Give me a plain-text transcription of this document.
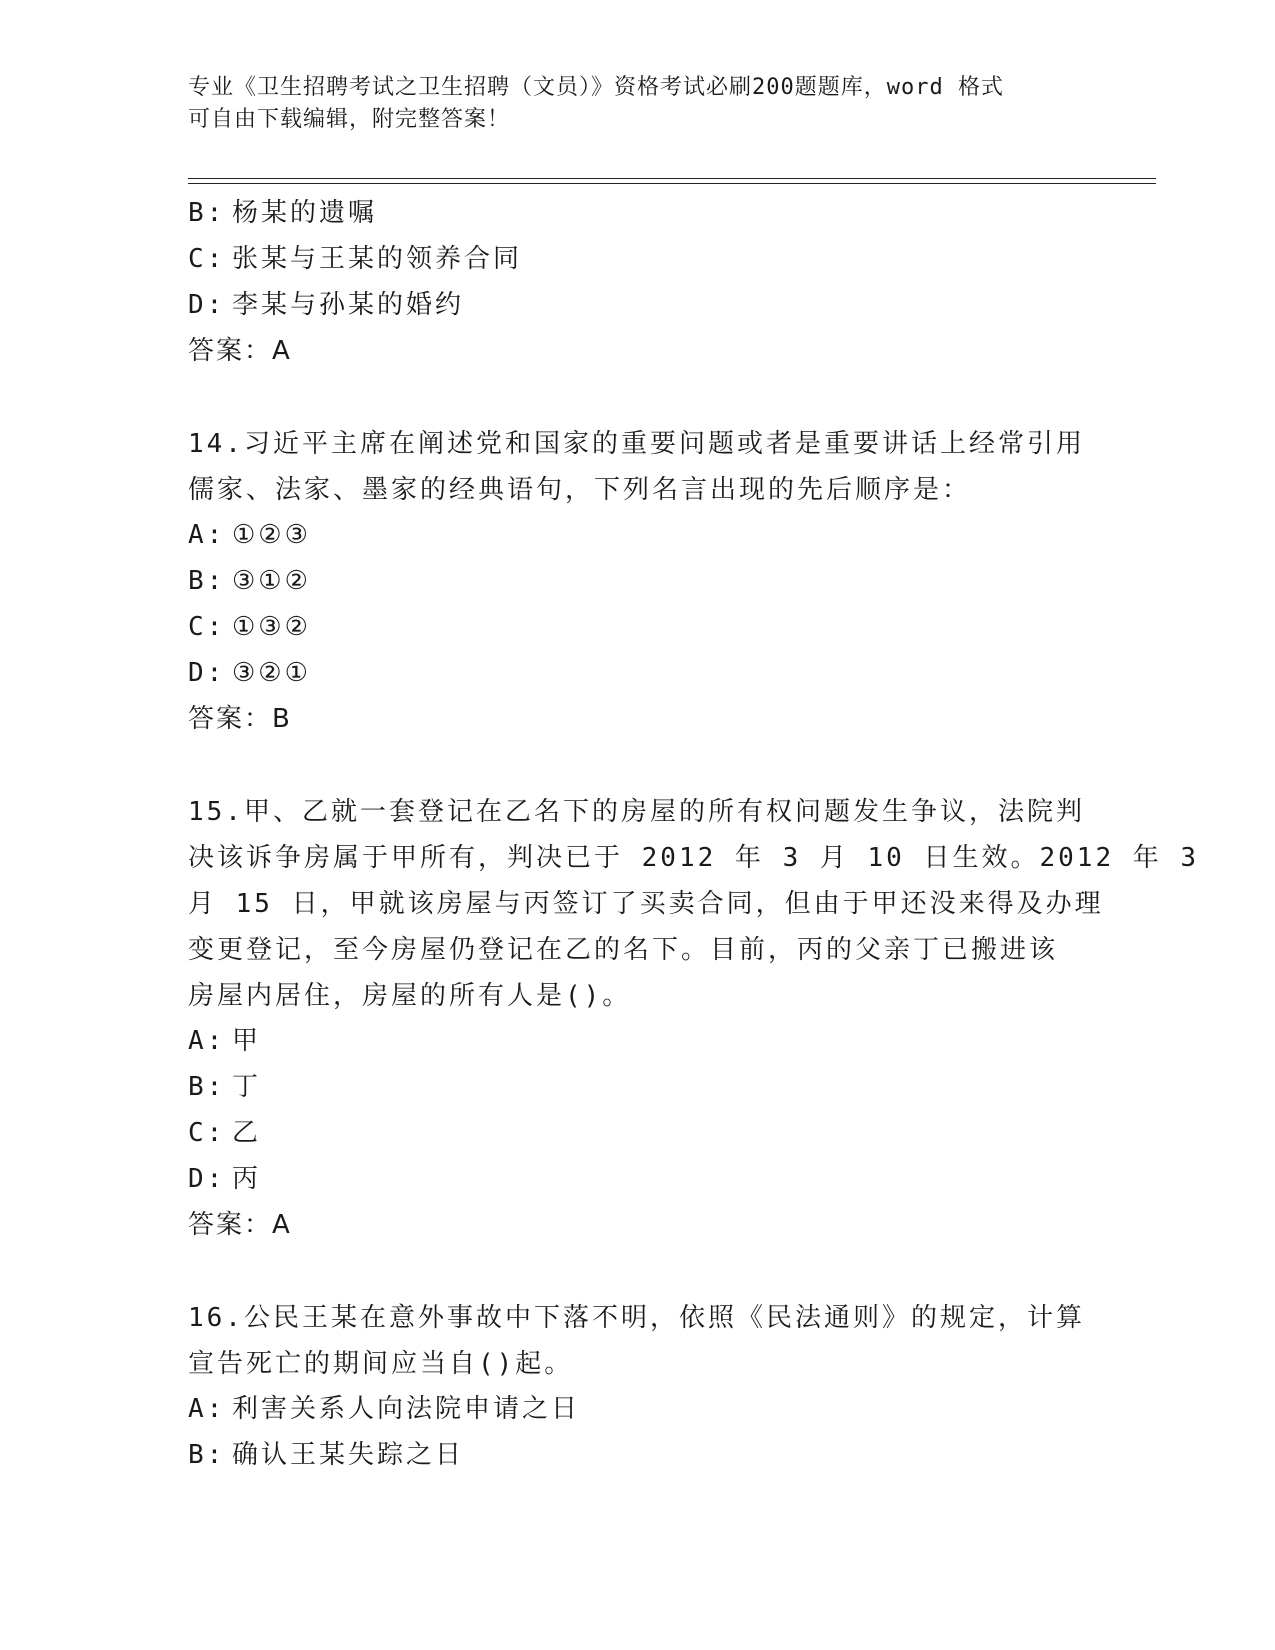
专业《卫生招聘考试之卫生招聘（文员）》资格考试必刷200题题库，word 格式
可自由下载编辑，附完整答案！
B: 杨某的遗嘱
C: 张某与王某的领养合同
D: 李某与孙某的婚约
答案：A
14.习近平主席在阐述党和国家的重要问题或者是重要讲话上经常引用
儒家、法家、墨家的经典语句，下列名言出现的先后顺序是：
A: ①②③
B: ③①②
C: ①③②
D: ③②①
答案：B
15.甲、乙就一套登记在乙名下的房屋的所有权问题发生争议，法院判
决该诉争房属于甲所有，判决已于 2012 年 3 月 10 日生效。2012 年 3
月 15 日，甲就该房屋与丙签订了买卖合同，但由于甲还没来得及办理
变更登记，至今房屋仍登记在乙的名下。目前，丙的父亲丁已搬进该
房屋内居住，房屋的所有人是()。
A: 甲
B: 丁
C: 乙
D: 丙
答案：A
16.公民王某在意外事故中下落不明，依照《民法通则》的规定，计算
宣告死亡的期间应当自()起。
A: 利害关系人向法院申请之日
B: 确认王某失踪之日
